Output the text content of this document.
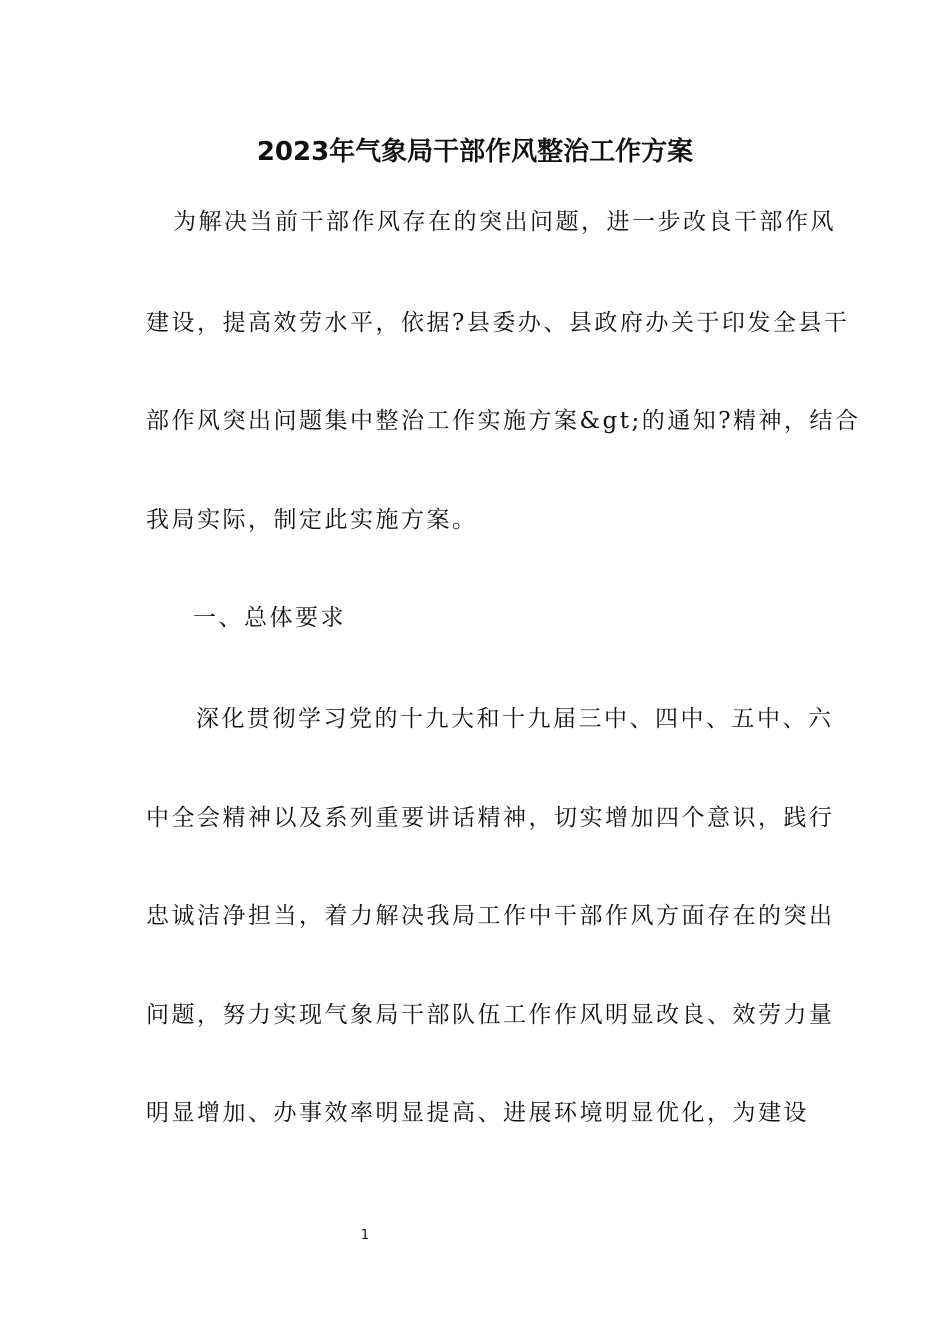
2023年气象局干部作风整治工作方案

为解决当前干部作风存在的突出问题，进一步改良干部作风

建设，提高效劳水平，依据?县委办、县政府办关于印发全县干

部作风突出问题集中整治工作实施方案&gt;的通知?精神，结合

我局实际，制定此实施方案。

一、总体要求

深化贯彻学习党的十九大和十九届三中、四中、五中、六

中全会精神以及系列重要讲话精神，切实增加四个意识，践行

忠诚洁净担当，着力解决我局工作中干部作风方面存在的突出

问题，努力实现气象局干部队伍工作作风明显改良、效劳力量

明显增加、办事效率明显提高、进展环境明显优化，为建设

1
